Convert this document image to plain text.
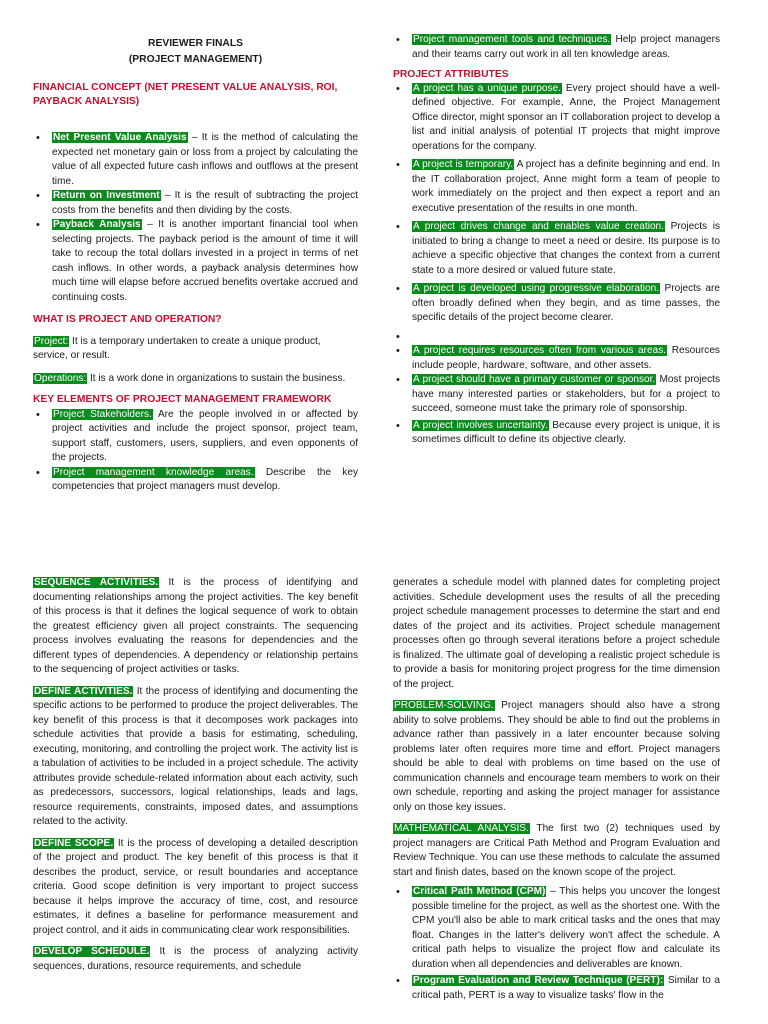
REVIEWER FINALS
(PROJECT MANAGEMENT)
FINANCIAL CONCEPT (NET PRESENT VALUE ANALYSIS, ROI, PAYBACK ANALYSIS)
• Net Present Value Analysis – It is the method of calculating the expected net monetary gain or loss from a project by calculating the value of all expected future cash inflows and outflows at the present time.
• Return on Investment – It is the result of subtracting the project costs from the benefits and then dividing by the costs.
• Payback Analysis – It is another important financial tool when selecting projects. The payback period is the amount of time it will take to recoup the total dollars invested in a project in terms of net cash inflows. In other words, a payback analysis determines how much time will elapse before accrued benefits overtake accrued and continuing costs.
WHAT IS PROJECT AND OPERATION?

Project: It is a temporary undertaken to create a unique product, service, or result.

Operations: It is a work done in organizations to sustain the business.

KEY ELEMENTS OF PROJECT MANAGEMENT FRAMEWORK
• Project Stakeholders. Are the people involved in or affected by project activities and include the project sponsor, project team, support staff, customers, users, suppliers, and even opponents of the projects.
• Project management knowledge areas. Describe the key competencies that project managers must develop.
• Project management tools and techniques. Help project managers and their teams carry out work in all ten knowledge areas.
PROJECT ATTRIBUTES
• A project has a unique purpose. Every project should have a well-defined objective. For example, Anne, the Project Management Office director, might sponsor an IT collaboration project to develop a list and initial analysis of potential IT projects that might improve operations for the company.
• A project is temporary. A project has a definite beginning and end. In the IT collaboration project, Anne might form a team of people to work immediately on the project and then expect a report and an executive presentation of the results in one month.
• A project drives change and enables value creation. Projects is initiated to bring a change to meet a need or desire. Its purpose is to achieve a specific objective that changes the context from a current state to a more desired or valued future state.
• A project is developed using progressive elaboration. Projects are often broadly defined when they begin, and as time passes, the specific details of the project become clearer.
•
• A project requires resources often from various areas. Resources include people, hardware, software, and other assets.
• A project should have a primary customer or sponsor. Most projects have many interested parties or stakeholders, but for a project to succeed, someone must take the primary role of sponsorship.
• A project involves uncertainty. Because every project is unique, it is sometimes difficult to define its objective clearly.

SEQUENCE ACTIVITIES. It is the process of identifying and documenting relationships among the project activities. The key benefit of this process is that it defines the logical sequence of work to obtain the greatest efficiency given all project constraints. The sequencing process involves evaluating the reasons for dependencies and the different types of dependencies. A dependency or relationship pertains to the sequencing of project activities or tasks.

DEFINE ACTIVITIES. It the process of identifying and documenting the specific actions to be performed to produce the project deliverables. The key benefit of this process is that it decomposes work packages into schedule activities that provide a basis for estimating, scheduling, executing, monitoring, and controlling the project work. The activity list is a tabulation of activities to be included in a project schedule. The activity attributes provide schedule-related information about each activity, such as predecessors, successors, logical relationships, leads and lags, resource requirements, constraints, imposed dates, and assumptions related to the activity.

DEFINE SCOPE. It is the process of developing a detailed description of the project and product. The key benefit of this process is that it describes the product, service, or result boundaries and acceptance criteria. Good scope definition is very important to project success because it helps improve the accuracy of time, cost, and resource estimates, it defines a baseline for performance measurement and project control, and it aids in communicating clear work responsibilities.

DEVELOP SCHEDULE. It is the process of analyzing activity sequences, durations, resource requirements, and schedule

generates a schedule model with planned dates for completing project activities. Schedule development uses the results of all the preceding project schedule management processes to determine the start and end dates of the project and its activities. Project schedule management processes often go through several iterations before a project schedule is finalized. The ultimate goal of developing a realistic project schedule is to provide a basis for monitoring project progress for the time dimension of the project.

PROBLEM-SOLVING. Project managers should also have a strong ability to solve problems. They should be able to find out the problems in advance rather than passively in a later encounter because solving problems later often requires more time and effort. Project managers should be able to deal with problems on time based on the use of communication channels and encourage team members to work on their own schedule, reporting and asking the project manager for assistance only on those key issues.

MATHEMATICAL ANALYSIS. The first two (2) techniques used by project managers are Critical Path Method and Program Evaluation and Review Technique. You can use these methods to calculate the assumed start and finish dates, based on the known scope of the project.

• Critical Path Method (CPM) – This helps you uncover the longest possible timeline for the project, as well as the shortest one. With the CPM you'll also be able to mark critical tasks and the ones that may float. Changes in the latter's delivery won't affect the schedule. A critical path helps to visualize the project flow and calculate its duration when all dependencies and deliverables are known.
• Program Evaluation and Review Technique (PERT): Similar to a critical path, PERT is a way to visualize tasks' flow in the
